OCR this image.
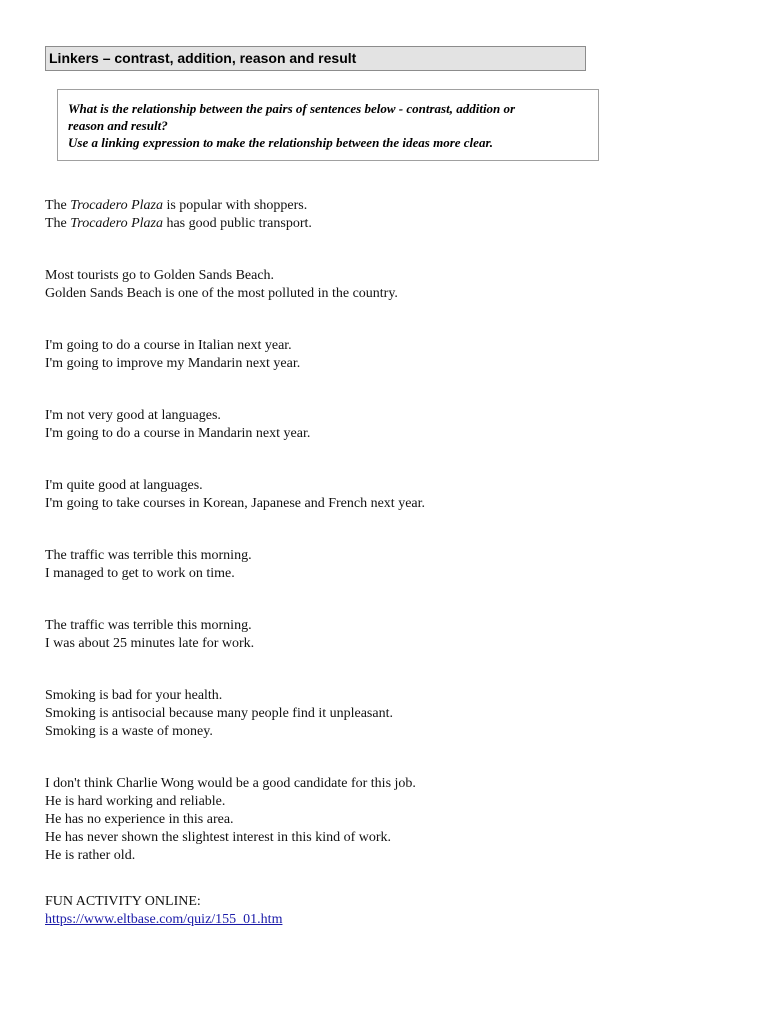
Linkers – contrast, addition, reason and result
What is the relationship between the pairs of sentences below - contrast, addition or
reason and result?
Use a linking expression to make the relationship between the ideas more clear.
The Trocadero Plaza is popular with shoppers.
The Trocadero Plaza has good public transport.
Most tourists go to Golden Sands Beach.
Golden Sands Beach is one of the most polluted in the country.
I'm going to do a course in Italian next year.
I'm going to improve my Mandarin next year.
I'm not very good at languages.
I'm going to do a course in Mandarin next year.
I'm quite good at languages.
I'm going to take courses in Korean, Japanese and French next year.
The traffic was terrible this morning.
I managed to get to work on time.
The traffic was terrible this morning.
I was about 25 minutes late for work.
Smoking is bad for your health.
Smoking is antisocial because many people find it unpleasant.
Smoking is a waste of money.
I don't think Charlie Wong would be a good candidate for this job.
He is hard working and reliable.
He has no experience in this area.
He has never shown the slightest interest in this kind of work.
He is rather old.
FUN ACTIVITY ONLINE:
https://www.eltbase.com/quiz/155_01.htm
